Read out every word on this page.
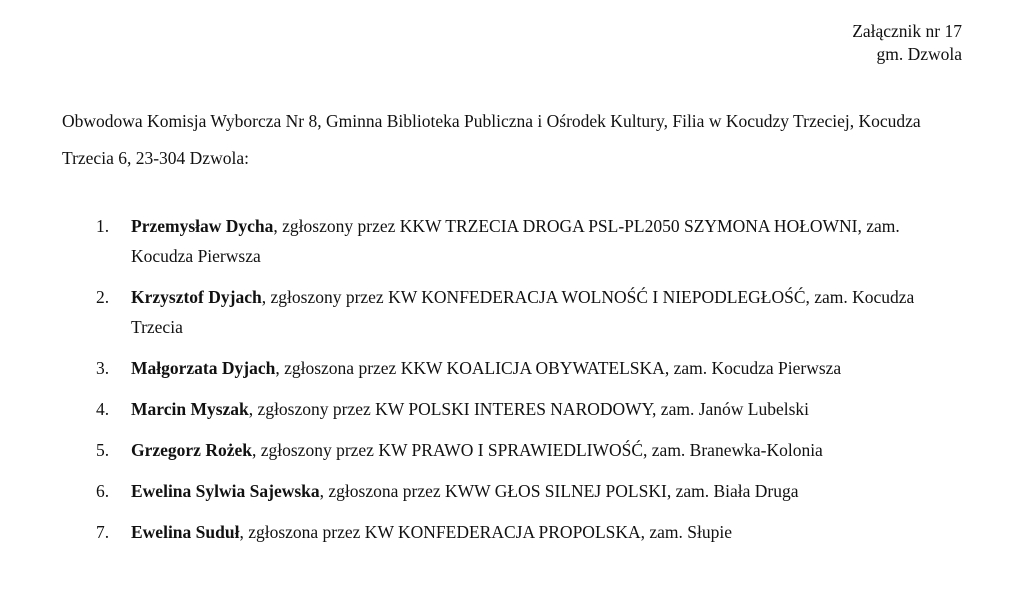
Załącznik nr 17
gm. Dzwola
Obwodowa Komisja Wyborcza Nr 8, Gminna Biblioteka Publiczna i Ośrodek Kultury, Filia w Kocudzy Trzeciej, Kocudza Trzecia 6, 23-304 Dzwola:
1. Przemysław Dycha, zgłoszony przez KKW TRZECIA DROGA PSL-PL2050 SZYMONA HOŁOWNI, zam. Kocudza Pierwsza
2. Krzysztof Dyjach, zgłoszony przez KW KONFEDERACJA WOLNOŚĆ I NIEPODLEGŁOŚĆ, zam. Kocudza Trzecia
3. Małgorzata Dyjach, zgłoszona przez KKW KOALICJA OBYWATELSKA, zam. Kocudza Pierwsza
4. Marcin Myszak, zgłoszony przez KW POLSKI INTERES NARODOWY, zam. Janów Lubelski
5. Grzegorz Rożek, zgłoszony przez KW PRAWO I SPRAWIEDLIWOŚĆ, zam. Branewka-Kolonia
6. Ewelina Sylwia Sajewska, zgłoszona przez KWW GŁOS SILNEJ POLSKI, zam. Biała Druga
7. Ewelina Suduł, zgłoszona przez KW KONFEDERACJA PROPOLSKA, zam. Słupie
